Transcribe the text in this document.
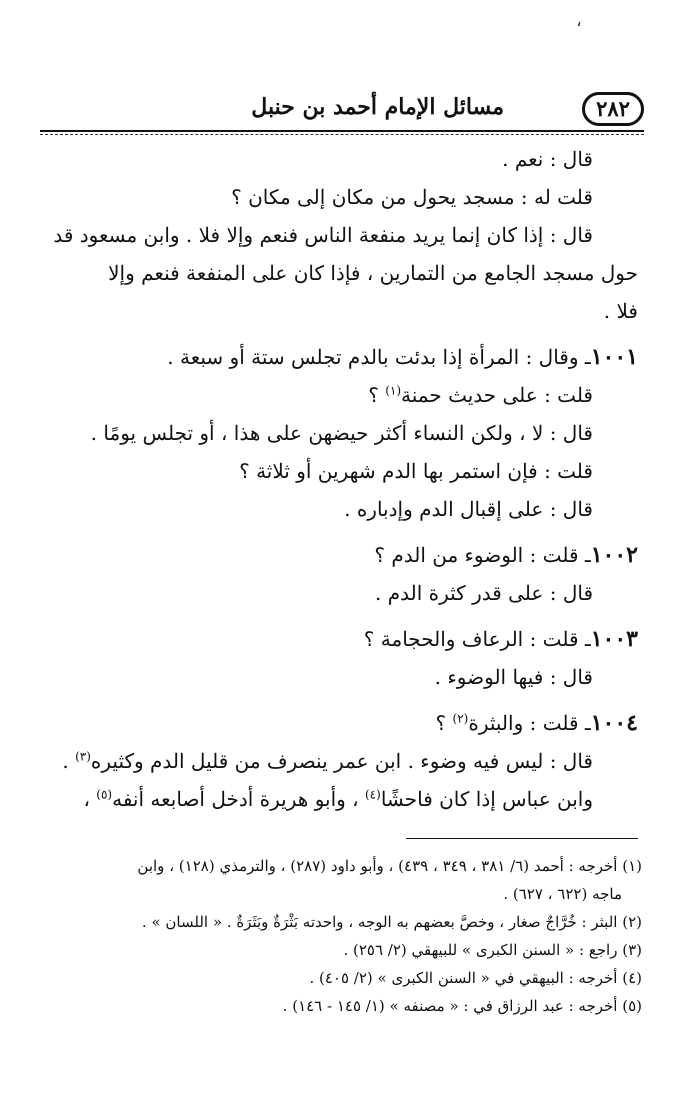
،
٢٨٢
مسائل الإمام أحمد بن حنبل
قال : نعم .
قلت له : مسجد يحول من مكان إلى مكان ؟
قال : إذا كان إنما يريد منفعة الناس فنعم وإلا فلا . وابن مسعود قد
حول مسجد الجامع من التمارين ، فإذا كان على المنفعة فنعم وإلا
فلا .
١٠٠١ـ وقال : المرأة إذا بدئت بالدم تجلس ستة أو سبعة .
قلت : على حديث حمنة$^{(١)}$ ؟
قال : لا ، ولكن النساء أكثر حيضهن على هذا ، أو تجلس يومًا .
قلت : فإن استمر بها الدم شهرين أو ثلاثة ؟
قال : على إقبال الدم وإدباره .
١٠٠٢ـ قلت : الوضوء من الدم ؟
قال : على قدر كثرة الدم .
١٠٠٣ـ قلت : الرعاف والحجامة ؟
قال : فيها الوضوء .
١٠٠٤ـ قلت : والبثرة$^{(٢)}$ ؟
قال : ليس فيه وضوء . ابن عمر ينصرف من قليل الدم وكثيره$^{(٣)}$ .
وابن عباس إذا كان فاحشًا$^{(٤)}$ ، وأبو هريرة أدخل أصابعه أنفه$^{(٥)}$ ،
(١) أخرجه : أحمد (٦/ ٣٨١ ، ٣٤٩ ، ٤٣٩) ، وأبو داود (٢٨٧) ، والترمذي (١٢٨) ، وابن
ماجه (٦٢٢ ، ٦٢٧) .
(٢) البثر : خُرَّاجٌ صغار ، وخصَّ بعضهم به الوجه ، واحدته بَثْرَةٌ وبَثَرَةٌ . « اللسان » .
(٣) راجع : « السنن الكبرى » للبيهقي (٢/ ٢٥٦) .
(٤) أخرجه : البيهقي في « السنن الكبرى » (٢/ ٤٠٥) .
(٥) أخرجه : عبد الرزاق في : « مصنفه » (١/ ١٤٥ - ١٤٦) .
